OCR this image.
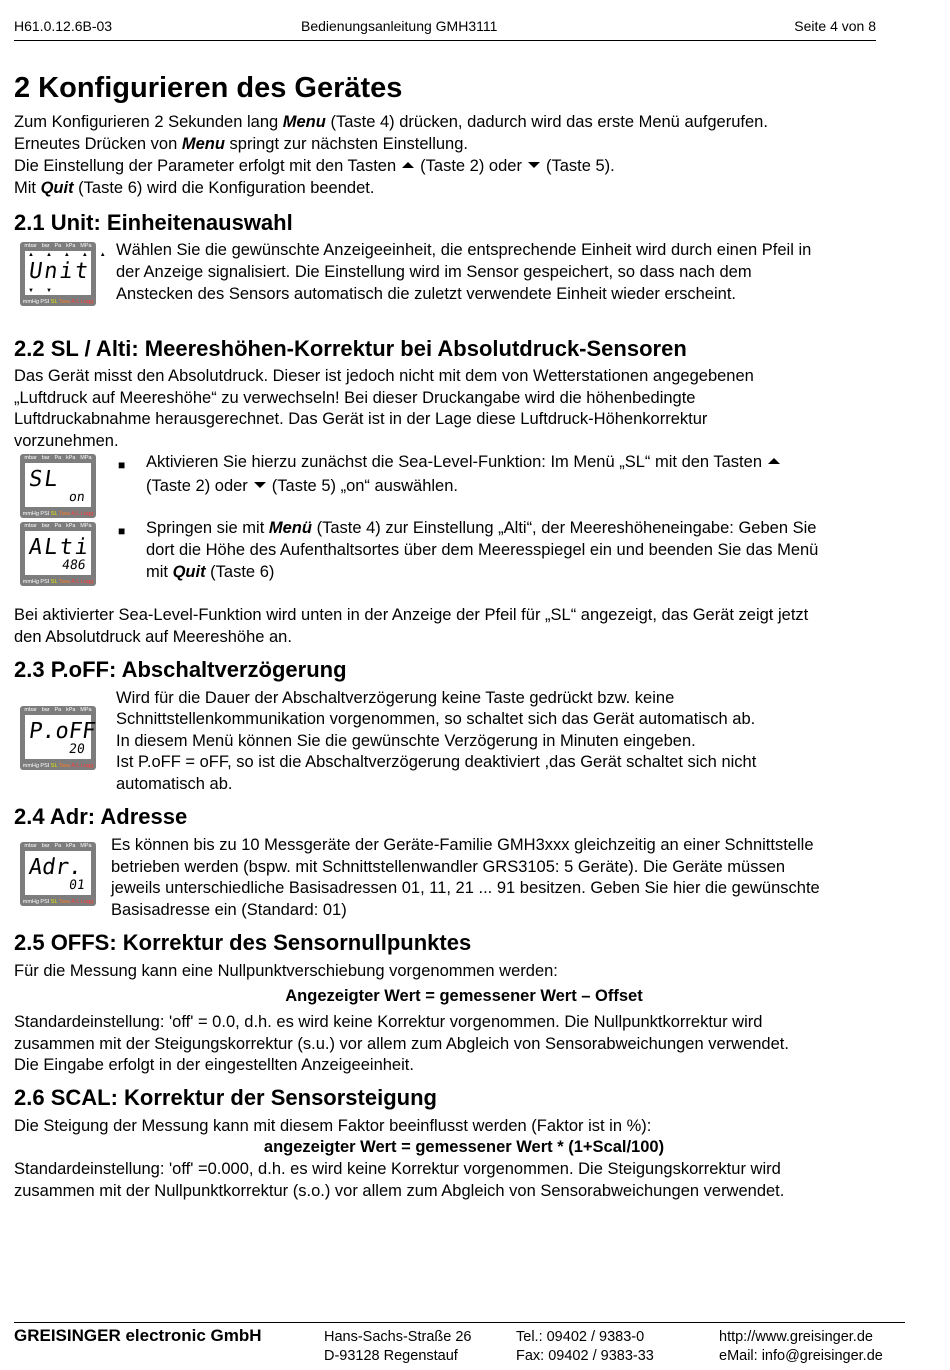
H61.0.12.6B-03	Bedienungsanleitung GMH3111	Seite 4 von 8
2 Konfigurieren des Gerätes
Zum Konfigurieren 2 Sekunden lang Menu (Taste 4) drücken, dadurch wird das erste Menü aufgerufen.
Erneutes Drücken von Menu springt zur nächsten Einstellung.
Die Einstellung der Parameter erfolgt mit den Tasten (Taste 2) oder (Taste 5).
Mit Quit (Taste 6) wird die Konfiguration beendet.
2.1 Unit: Einheitenauswahl
mbar bar Pa kPa MPa
▲▲▲▲▲
Unit
▼▼
mmHg PSI SL Tara A.L Logg
Wählen Sie die gewünschte Anzeigeeinheit, die entsprechende Einheit wird durch einen Pfeil in
der Anzeige signalisiert. Die Einstellung wird im Sensor gespeichert, so dass nach dem
Anstecken des Sensors automatisch die zuletzt verwendete Einheit wieder erscheint.
2.2 SL / Alti: Meereshöhen-Korrektur bei Absolutdruck-Sensoren
Das Gerät misst den Absolutdruck. Dieser ist jedoch nicht mit dem von Wetterstationen angegebenen
„Luftdruck auf Meereshöhe“ zu verwechseln! Bei dieser Druckangabe wird die höhenbedingte
Luftdruckabnahme herausgerechnet. Das Gerät ist in der Lage diese Luftdruck-Höhenkorrektur
vorzunehmen.
mbar bar Pa kPa MPa
SL
on
mmHg PSI SL Tara A.L Logg
mbar bar Pa kPa MPa
ALti
486
mmHg PSI SL Tara A.L Logg
■ Aktivieren Sie hierzu zunächst die Sea-Level-Funktion: Im Menü „SL“ mit den Tasten
(Taste 2) oder (Taste 5) „on“ auswählen.
■ Springen sie mit Menü (Taste 4) zur Einstellung „Alti“, der Meereshöheneingabe: Geben Sie
dort die Höhe des Aufenthaltsortes über dem Meeresspiegel ein und beenden Sie das Menü
mit Quit (Taste 6)
Bei aktivierter Sea-Level-Funktion wird unten in der Anzeige der Pfeil für „SL“ angezeigt, das Gerät zeigt jetzt
den Absolutdruck auf Meereshöhe an.
2.3 P.oFF: Abschaltverzögerung
mbar bar Pa kPa MPa
P.oFF
20
mmHg PSI SL Tara A.L Logg
Wird für die Dauer der Abschaltverzögerung keine Taste gedrückt bzw. keine
Schnittstellenkommunikation vorgenommen, so schaltet sich das Gerät automatisch ab.
In diesem Menü können Sie die gewünschte Verzögerung in Minuten eingeben.
Ist P.oFF = oFF, so ist die Abschaltverzögerung deaktiviert ,das Gerät schaltet sich nicht
automatisch ab.
2.4 Adr: Adresse
mbar bar Pa kPa MPa
Adr.
01
mmHg PSI SL Tara A.L Logg
Es können bis zu 10 Messgeräte der Geräte-Familie GMH3xxx gleichzeitig an einer Schnittstelle
betrieben werden (bspw. mit Schnittstellenwandler GRS3105: 5 Geräte). Die Geräte müssen
jeweils unterschiedliche Basisadressen 01, 11, 21 ... 91 besitzen. Geben Sie hier die gewünschte
Basisadresse ein (Standard: 01)
2.5 OFFS: Korrektur des Sensornullpunktes
Für die Messung kann eine Nullpunktverschiebung vorgenommen werden:
Angezeigter Wert = gemessener Wert – Offset
Standardeinstellung: 'off' = 0.0, d.h. es wird keine Korrektur vorgenommen. Die Nullpunktkorrektur wird
zusammen mit der Steigungskorrektur (s.u.) vor allem zum Abgleich von Sensorabweichungen verwendet.
Die Eingabe erfolgt in der eingestellten Anzeigeeinheit.
2.6 SCAL: Korrektur der Sensorsteigung
Die Steigung der Messung kann mit diesem Faktor beeinflusst werden (Faktor ist in %):
angezeigter Wert = gemessener Wert * (1+Scal/100)
Standardeinstellung: 'off' =0.000, d.h. es wird keine Korrektur vorgenommen. Die Steigungskorrektur wird
zusammen mit der Nullpunktkorrektur (s.o.) vor allem zum Abgleich von Sensorabweichungen verwendet.
GREISINGER electronic GmbH	Hans-Sachs-Straße 26
D-93128 Regenstauf
Tel.: 09402 / 9383-0
Fax: 09402 / 9383-33
http://www.greisinger.de
eMail: info@greisinger.de
